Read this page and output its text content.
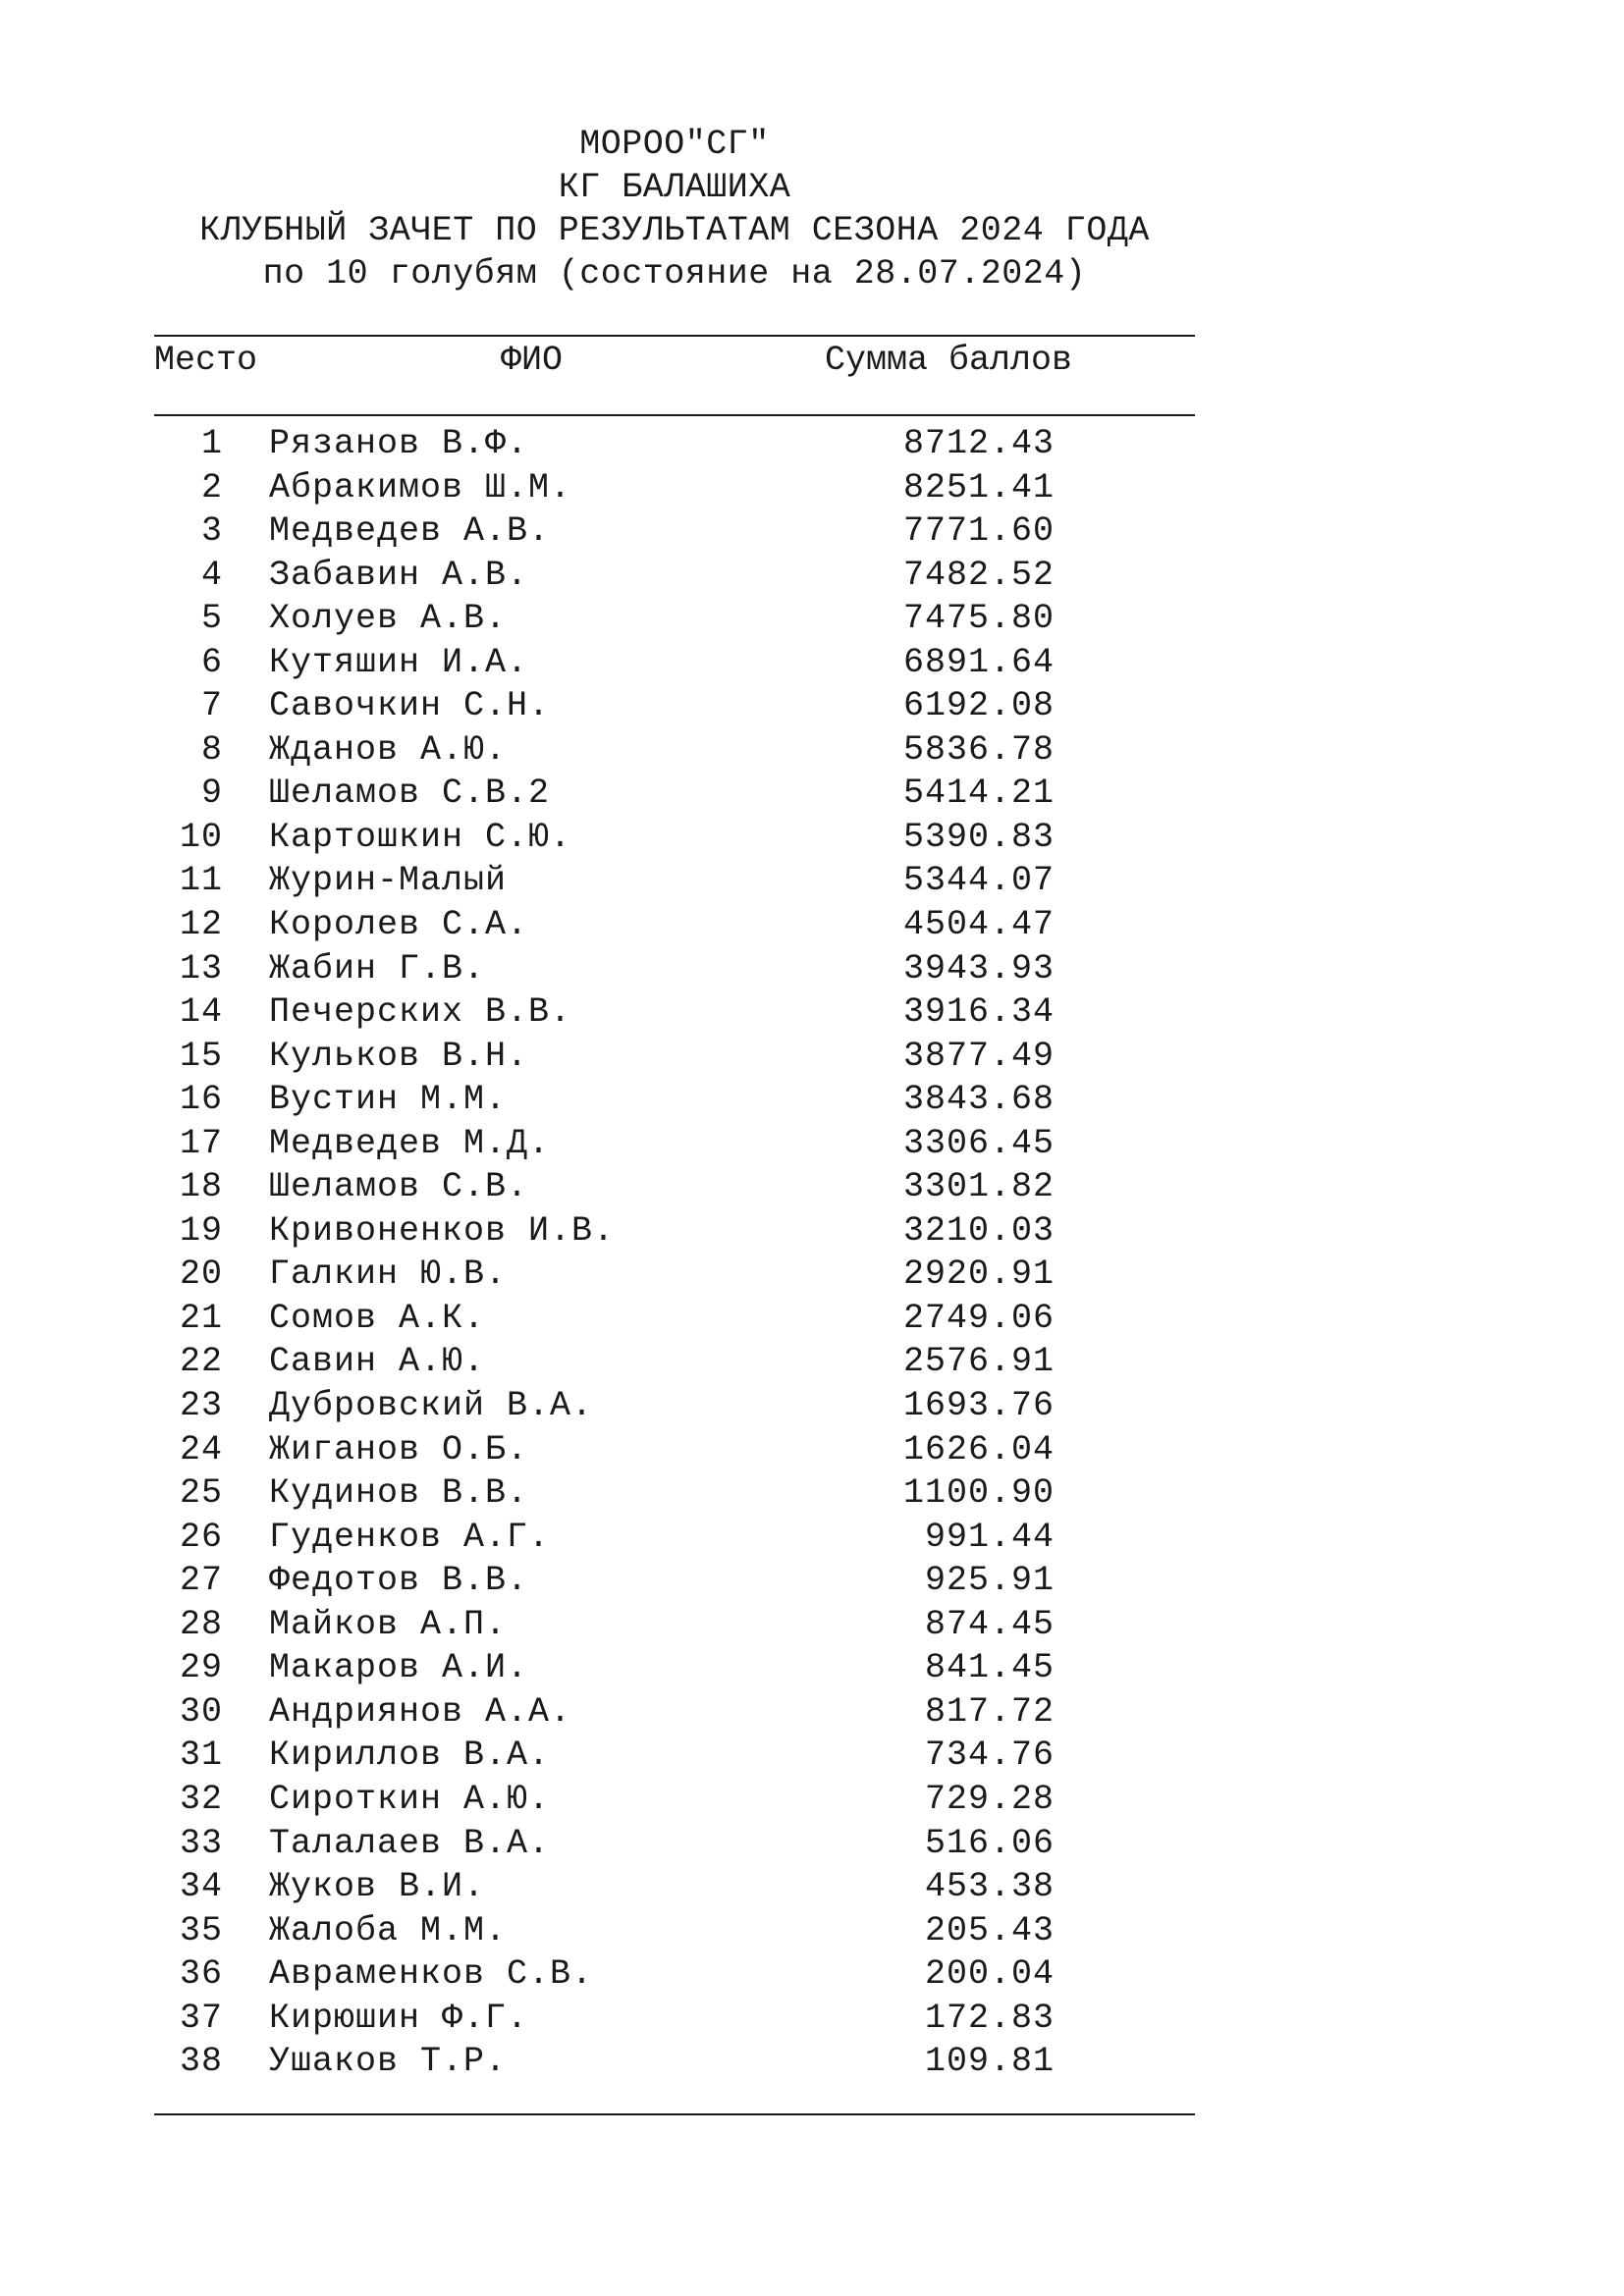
МОРОО"СГ"
КГ БАЛАШИХА
КЛУБНЫЙ ЗАЧЕТ ПО РЕЗУЛЬТАТАМ СЕЗОНА 2024 ГОДА
по 10 голубям (состояние на 28.07.2024)
Место	ФИО	Сумма баллов
1 Рязанов В.Ф.	8712.43
2 Абракимов Ш.М.	8251.41
3 Медведев А.В.	7771.60
4 Забавин А.В.	7482.52
5 Холуев А.В.	7475.80
6 Кутяшин И.А.	6891.64
7 Савочкин С.Н.	6192.08
8 Жданов А.Ю.	5836.78
9 Шеламов С.В.2	5414.21
10 Картошкин С.Ю.	5390.83
11 Журин-Малый	5344.07
12 Королев С.А.	4504.47
13 Жабин Г.В.	3943.93
14 Печерских В.В.	3916.34
15 Кульков В.Н.	3877.49
16 Вустин М.М.	3843.68
17 Медведев М.Д.	3306.45
18 Шеламов С.В.	3301.82
19 Кривоненков И.В.	3210.03
20 Галкин Ю.В.	2920.91
21 Сомов А.К.	2749.06
22 Савин А.Ю.	2576.91
23 Дубровский В.А.	1693.76
24 Жиганов О.Б.	1626.04
25 Кудинов В.В.	1100.90
26 Гуденков А.Г.	991.44
27 Федотов В.В.	925.91
28 Майков А.П.	874.45
29 Макаров А.И.	841.45
30 Андриянов А.А.	817.72
31 Кириллов В.А.	734.76
32 Сироткин А.Ю.	729.28
33 Талалаев В.А.	516.06
34 Жуков В.И.	453.38
35 Жалоба М.М.	205.43
36 Авраменков С.В.	200.04
37 Кирюшин Ф.Г.	172.83
38 Ушаков Т.Р.	109.81
